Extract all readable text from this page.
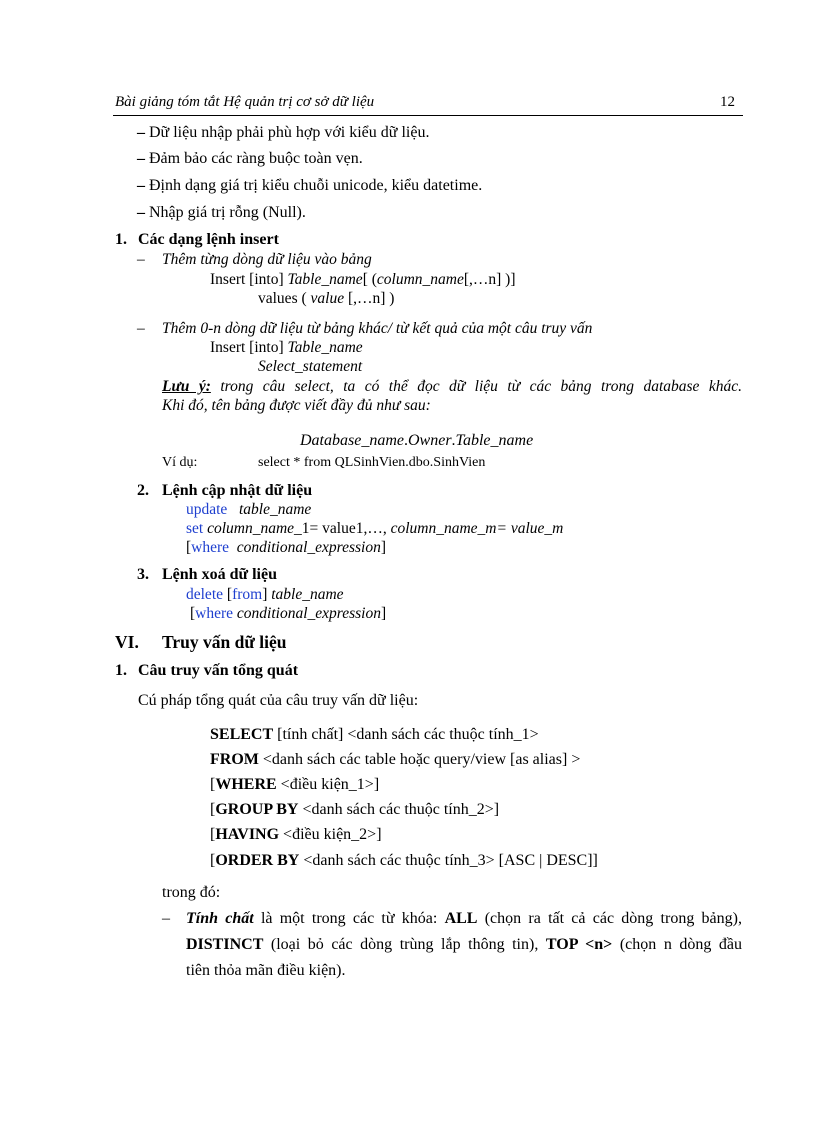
Bài giảng tóm tắt Hệ quản trị cơ sở dữ liệu	12
– Dữ liệu nhập phải phù hợp với kiểu dữ liệu.
– Đảm bảo các ràng buộc toàn vẹn.
– Định dạng giá trị kiểu chuỗi unicode, kiểu datetime.
– Nhập giá trị rỗng (Null).
1. Các dạng lệnh insert
– Thêm từng dòng dữ liệu vào bảng
Insert [into] Table_name[ (column_name[,…n] )]
values ( value [,…n] )
– Thêm 0-n dòng dữ liệu từ bảng khác/ từ kết quả của một câu truy vấn
Insert [into] Table_name
Select_statement
Lưu ý: trong câu select, ta có thể đọc dữ liệu từ các bảng trong database khác.
Khi đó, tên bảng được viết đầy đủ như sau:
Database_name.Owner.Table_name
Ví dụ:	select * from QLSinhVien.dbo.SinhVien
2. Lệnh cập nhật dữ liệu
update table_name
set column_name_1= value1,…, column_name_m= value_m
[where conditional_expression]
3. Lệnh xoá dữ liệu
delete [from] table_name
[where conditional_expression]
VI. Truy vấn dữ liệu
1. Câu truy vấn tổng quát
Cú pháp tổng quát của câu truy vấn dữ liệu:
SELECT [tính chất] <danh sách các thuộc tính_1>
FROM <danh sách các table hoặc query/view [as alias] >
[WHERE <điều kiện_1>]
[GROUP BY <danh sách các thuộc tính_2>]
[HAVING <điều kiện_2>]
[ORDER BY <danh sách các thuộc tính_3> [ASC | DESC]]
trong đó:
– Tính chất là một trong các từ khóa: ALL (chọn ra tất cả các dòng trong bảng),
DISTINCT (loại bỏ các dòng trùng lắp thông tin), TOP <n> (chọn n dòng đầu
tiên thỏa mãn điều kiện).
